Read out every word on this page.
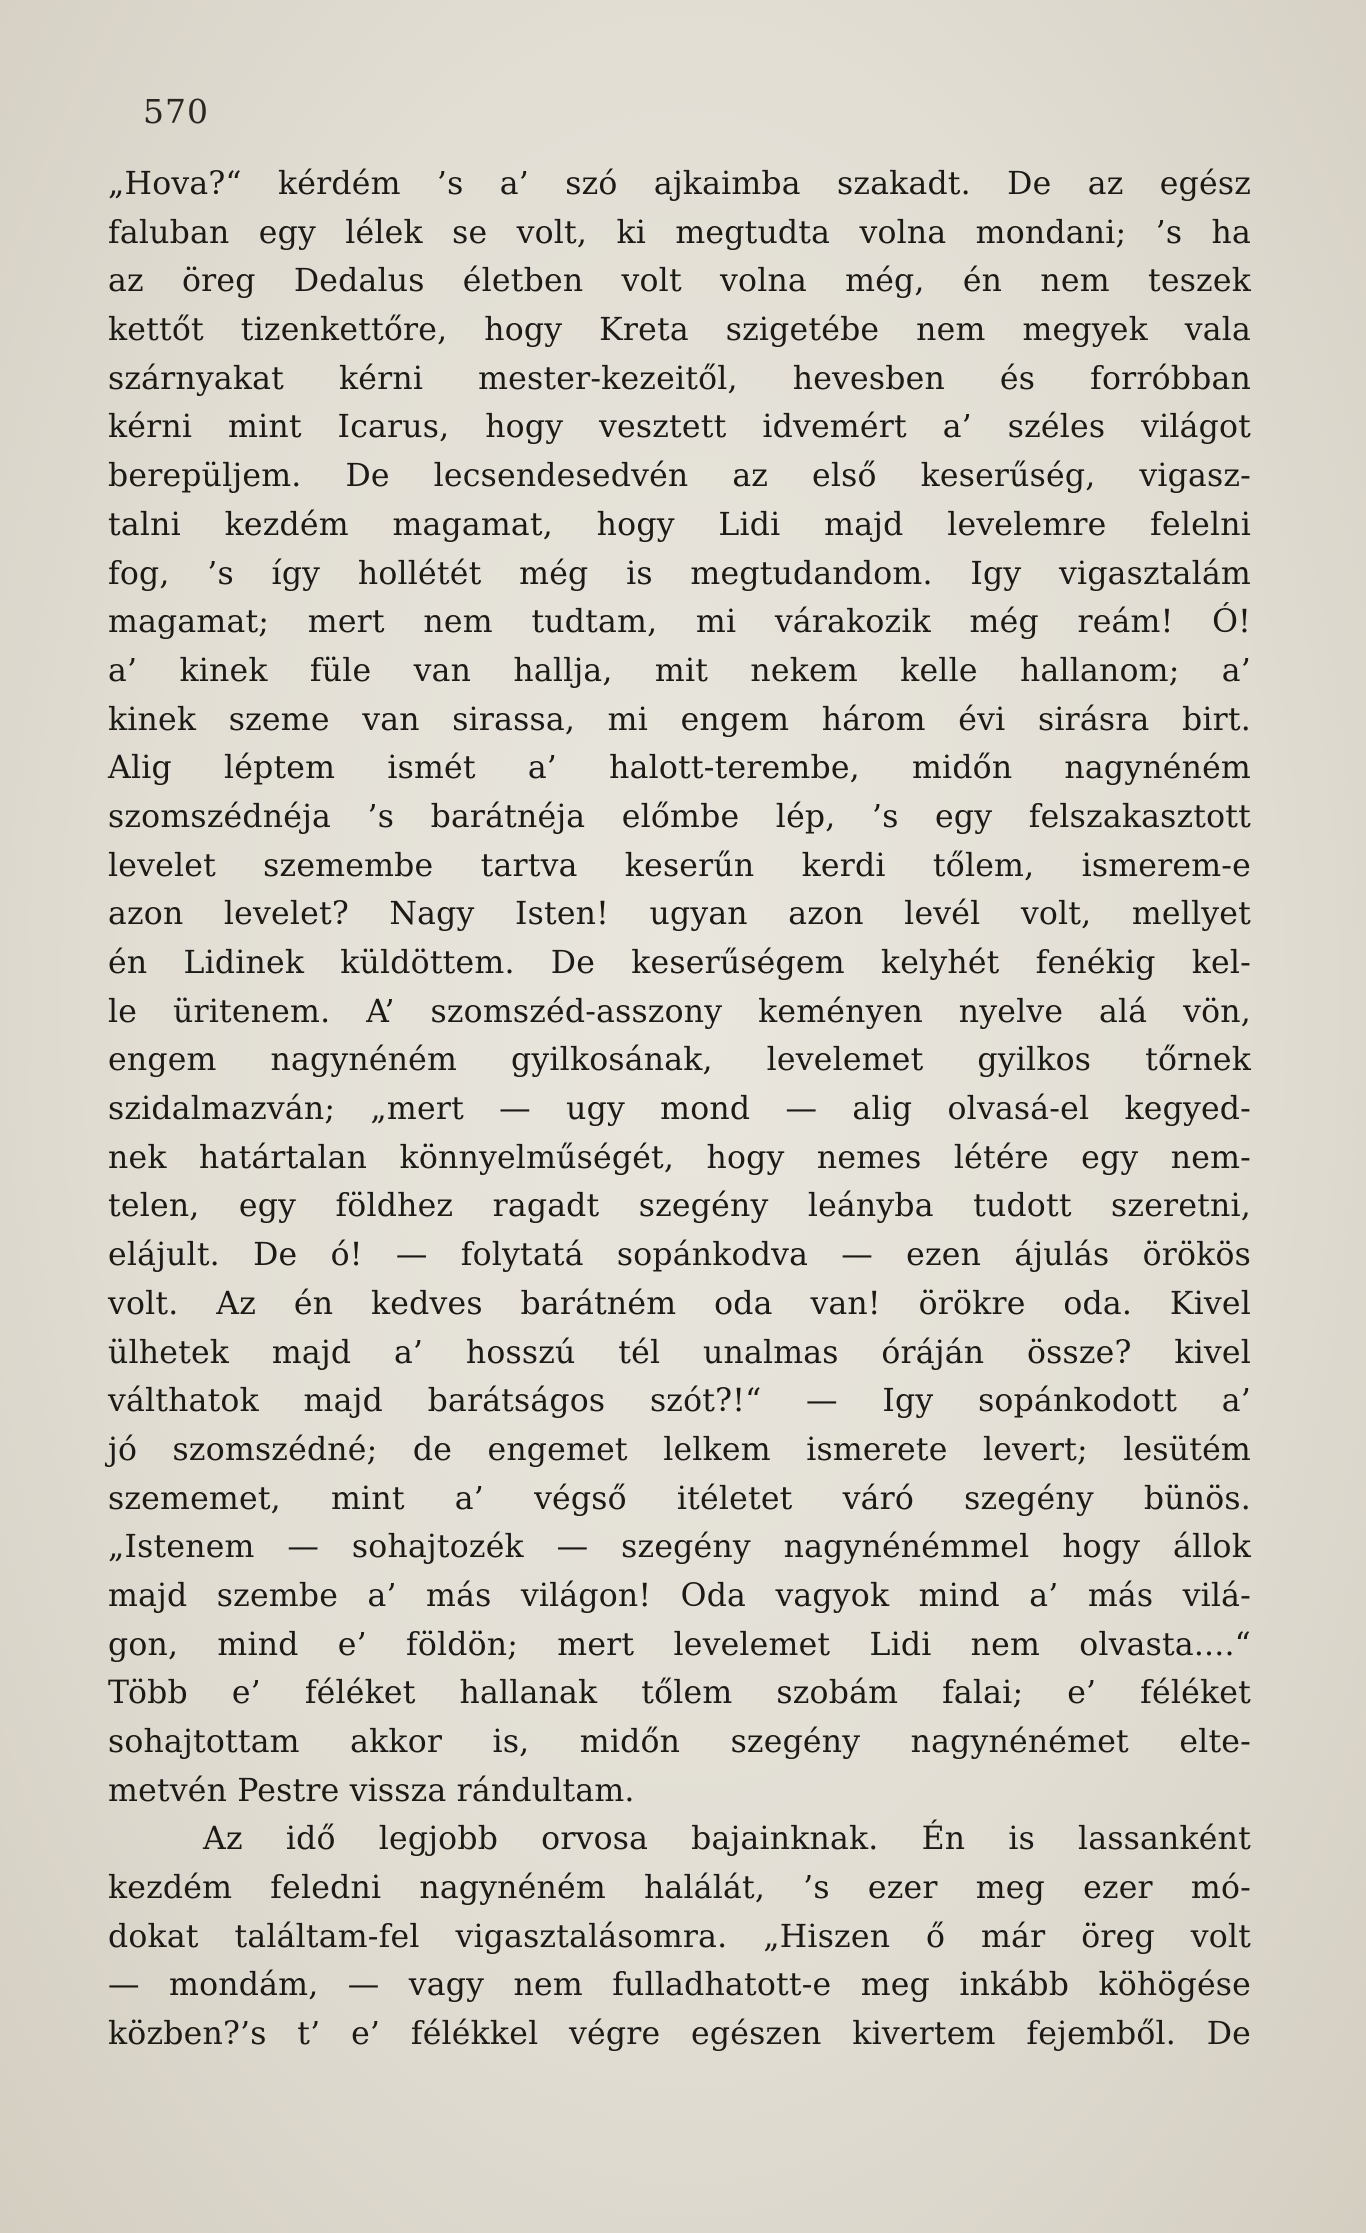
570
„Hova?“ kérdém ’s a’ szó ajkaimba szakadt. De az egész
faluban egy lélek se volt, ki megtudta volna mondani; ’s ha
az öreg Dedalus életben volt volna még, én nem teszek
kettőt tizenkettőre, hogy Kreta szigetébe nem megyek vala
szárnyakat kérni mester-kezeitől, hevesben és forróbban
kérni mint Icarus, hogy vesztett idvemért a’ széles világot
berepüljem. De lecsendesedvén az első keserűség, vigasz-
talni kezdém magamat, hogy Lidi majd levelemre felelni
fog, ’s így hollétét még is megtudandom. Igy vigasztalám
magamat; mert nem tudtam, mi várakozik még reám! Ó!
a’ kinek füle van hallja, mit nekem kelle hallanom; a’
kinek szeme van sirassa, mi engem három évi sirásra birt.
Alig léptem ismét a’ halott-terembe, midőn nagynéném
szomszédnéja ’s barátnéja előmbe lép, ’s egy felszakasztott
levelet szemembe tartva keserűn kerdi tőlem, ismerem-e
azon levelet? Nagy Isten! ugyan azon levél volt, mellyet
én Lidinek küldöttem. De keserűségem kelyhét fenékig kel-
le üritenem. A’ szomszéd-asszony keményen nyelve alá vön,
engem nagynéném gyilkosának, levelemet gyilkos tőrnek
szidalmazván; „mert — ugy mond — alig olvasá-el kegyed-
nek határtalan könnyelműségét, hogy nemes létére egy nem-
telen, egy földhez ragadt szegény leányba tudott szeretni,
elájult. De ó! — folytatá sopánkodva — ezen ájulás örökös
volt. Az én kedves barátném oda van! örökre oda. Kivel
ülhetek majd a’ hosszú tél unalmas óráján össze? kivel
válthatok majd barátságos szót?!“ — Igy sopánkodott a’
jó szomszédné; de engemet lelkem ismerete levert; lesütém
szememet, mint a’ végső itéletet váró szegény bünös.
„Istenem — sohajtozék — szegény nagynénémmel hogy állok
majd szembe a’ más világon! Oda vagyok mind a’ más vilá-
gon, mind e’ földön; mert levelemet Lidi nem olvasta....“
Több e’ féléket hallanak tőlem szobám falai; e’ féléket
sohajtottam akkor is, midőn szegény nagynénémet elte-
metvén Pestre vissza rándultam.
Az idő legjobb orvosa bajainknak. Én is lassanként
kezdém feledni nagynéném halálát, ’s ezer meg ezer mó-
dokat találtam-fel vigasztalásomra. „Hiszen ő már öreg volt
— mondám, — vagy nem fulladhatott-e meg inkább köhögése
közben?’s t’ e’ félékkel végre egészen kivertem fejemből. De
